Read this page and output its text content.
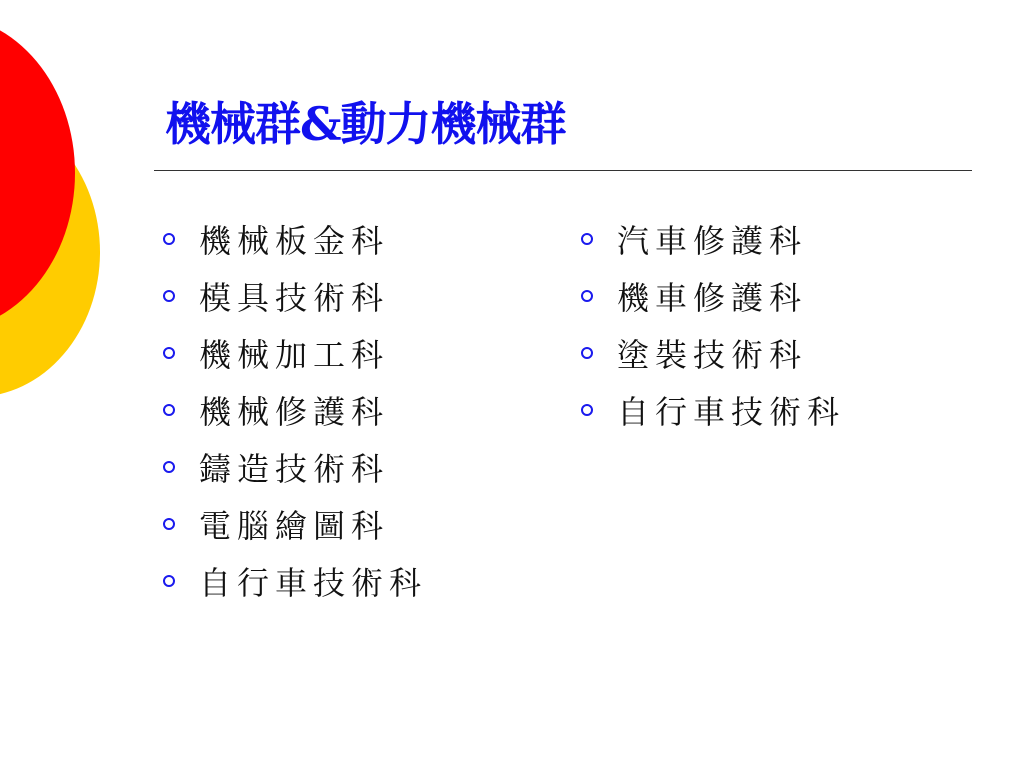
機械群&動力機械群
機械板金科
模具技術科
機械加工科
機械修護科
鑄造技術科
電腦繪圖科
自行車技術科
汽車修護科
機車修護科
塗裝技術科
自行車技術科
